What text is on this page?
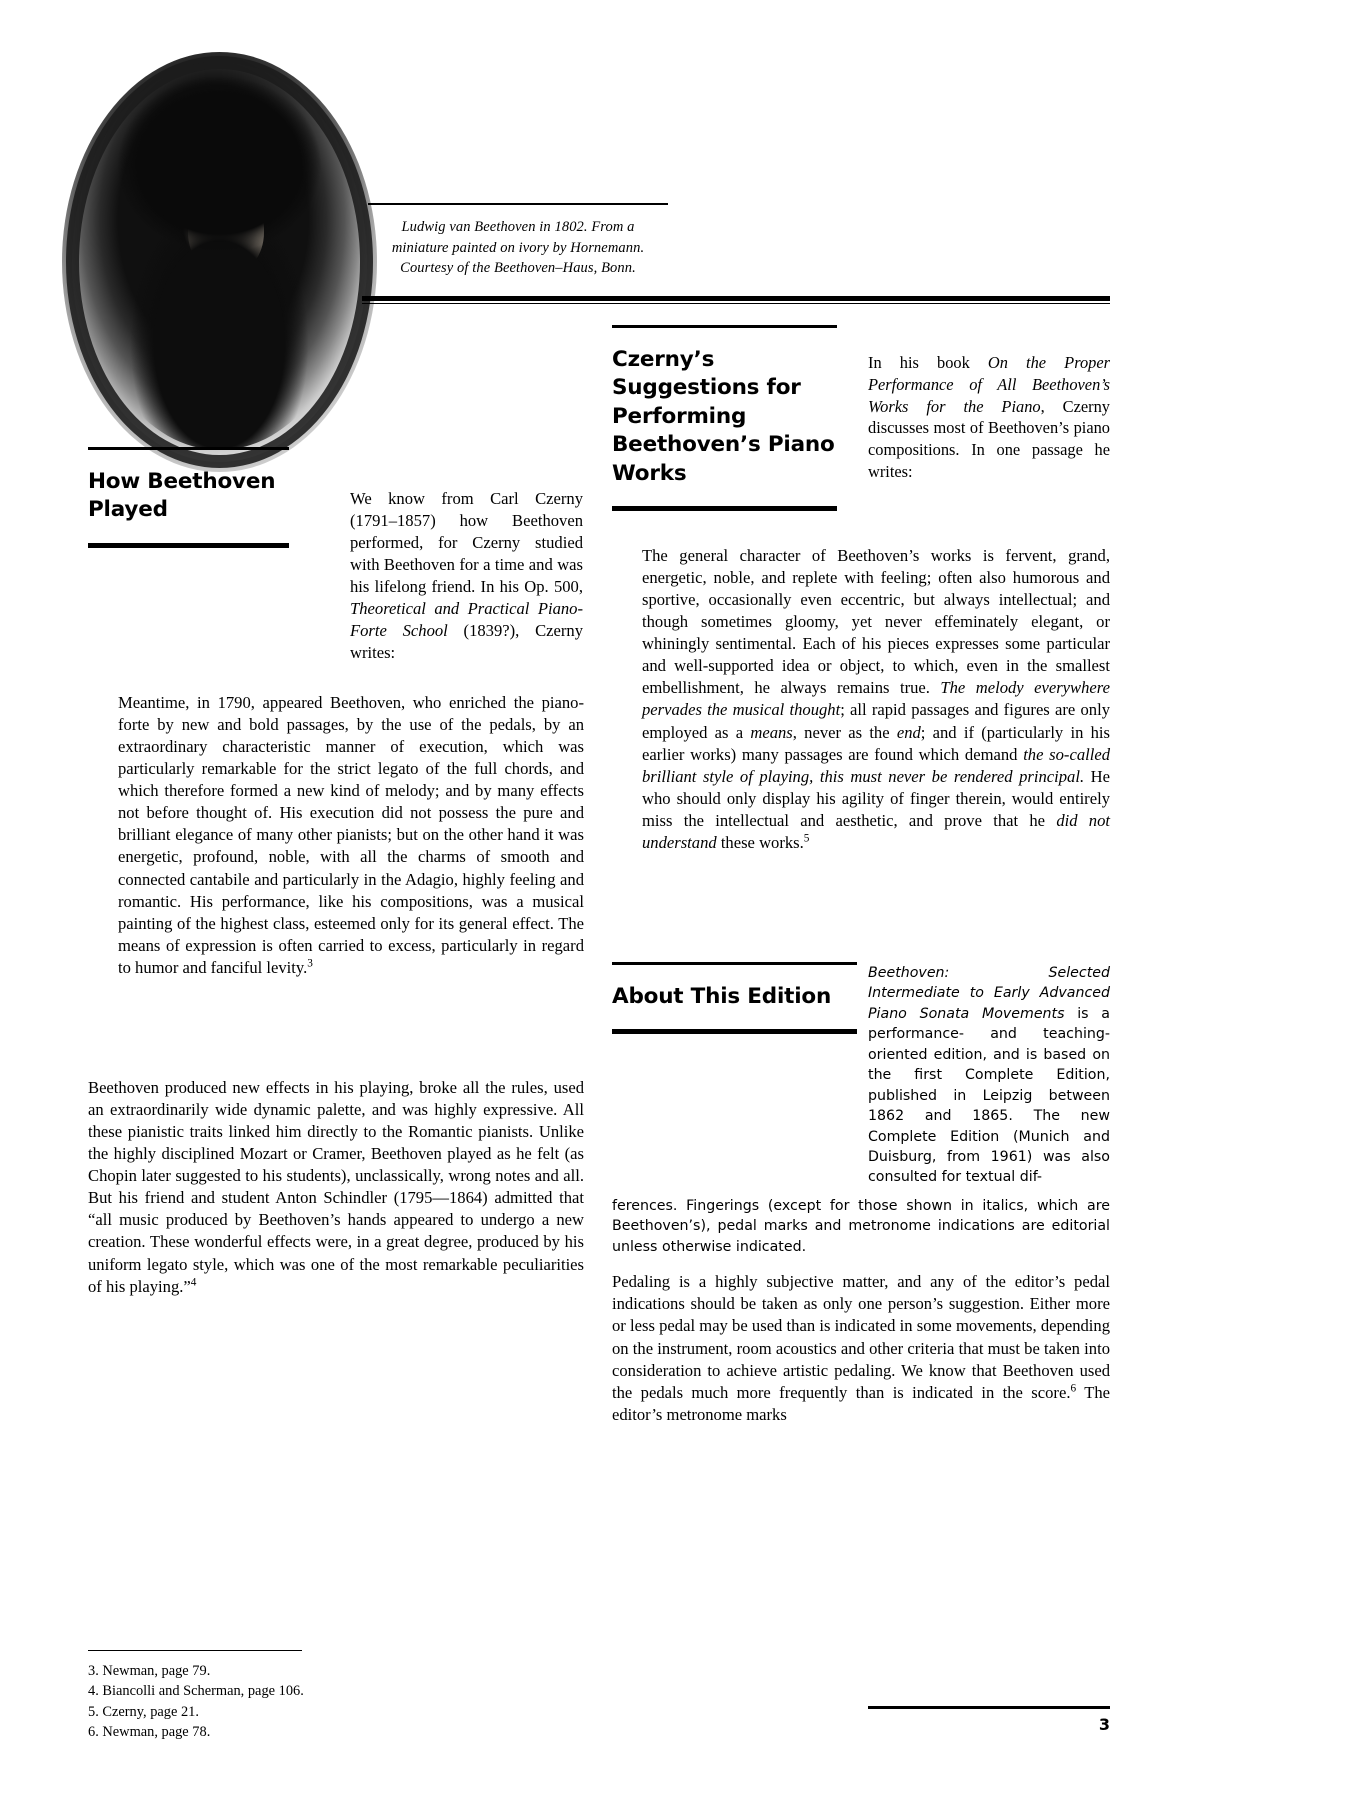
Ludwig van Beethoven in 1802. From a
miniature painted on ivory by Hornemann.
Courtesy of the Beethoven–Haus, Bonn.
How Beethoven Played	We know from Carl Czerny (1791–1857) how Beethoven performed, for Czerny studied with Beethoven for a time and was his lifelong friend. In his Op. 500, Theoretical and Practical Piano-Forte School (1839?), Czerny writes:

Meantime, in 1790, appeared Beethoven, who enriched the piano-forte by new and bold passages, by the use of the pedals, by an extraordinary characteristic manner of execution, which was particularly remarkable for the strict legato of the full chords, and which therefore formed a new kind of melody; and by many effects not before thought of. His execution did not possess the pure and brilliant elegance of many other pianists; but on the other hand it was energetic, profound, noble, with all the charms of smooth and connected cantabile and particularly in the Adagio, highly feeling and romantic. His performance, like his compositions, was a musical painting of the highest class, esteemed only for its general effect. The means of expression is often carried to excess, particularly in regard to humor and fanciful levity.$^3$

Beethoven produced new effects in his playing, broke all the rules, used an extraordinarily wide dynamic palette, and was highly expressive. All these pianistic traits linked him directly to the Romantic pianists. Unlike the highly disciplined Mozart or Cramer, Beethoven played as he felt (as Chopin later suggested to his students), unclassically, wrong notes and all. But his friend and student Anton Schindler (1795—1864) admitted that “all music produced by Beethoven’s hands appeared to undergo a new creation. These wonderful effects were, in a great degree, produced by his uniform legato style, which was one of the most remarkable peculiarities of his playing.”$^4$

3. Newman, page 79.
4. Biancolli and Scherman, page 106.
5. Czerny, page 21.
6. Newman, page 78.
Czerny’s Suggestions for Performing Beethoven’s Piano Works

In his book On the Proper Performance of All Beethoven’s Works for the Piano, Czerny discusses most of Beethoven’s piano compositions. In one passage he writes:

The general character of Beethoven’s works is fervent, grand, energetic, noble, and replete with feeling; often also humorous and sportive, occasionally even eccentric, but always intellectual; and though sometimes gloomy, yet never effeminately elegant, or whiningly sentimental. Each of his pieces expresses some particular and well-supported idea or object, to which, even in the smallest embellishment, he always remains true. The melody everywhere pervades the musical thought; all rapid passages and figures are only employed as a means, never as the end; and if (particularly in his earlier works) many passages are found which demand the so-called brilliant style of playing, this must never be rendered principal. He who should only display his agility of finger therein, would entirely miss the intellectual and aesthetic, and prove that he did not understand these works.$^5$

About This Edition

Beethoven: Selected Intermediate to Early Advanced Piano Sonata Movements is a performance- and teaching-oriented edition, and is based on the first Complete Edition, published in Leipzig between 1862 and 1865. The new Complete Edition (Munich and Duisburg, from 1961) was also consulted for textual dif-

ferences. Fingerings (except for those shown in italics, which are Beethoven’s), pedal marks and metronome indications are editorial unless otherwise indicated.

Pedaling is a highly subjective matter, and any of the editor’s pedal indications should be taken as only one person’s suggestion. Either more or less pedal may be used than is indicated in some movements, depending on the instrument, room acoustics and other criteria that must be taken into consideration to achieve artistic pedaling. We know that Beethoven used the pedals much more frequently than is indicated in the score.$^6$ The editor’s metronome marks

3
